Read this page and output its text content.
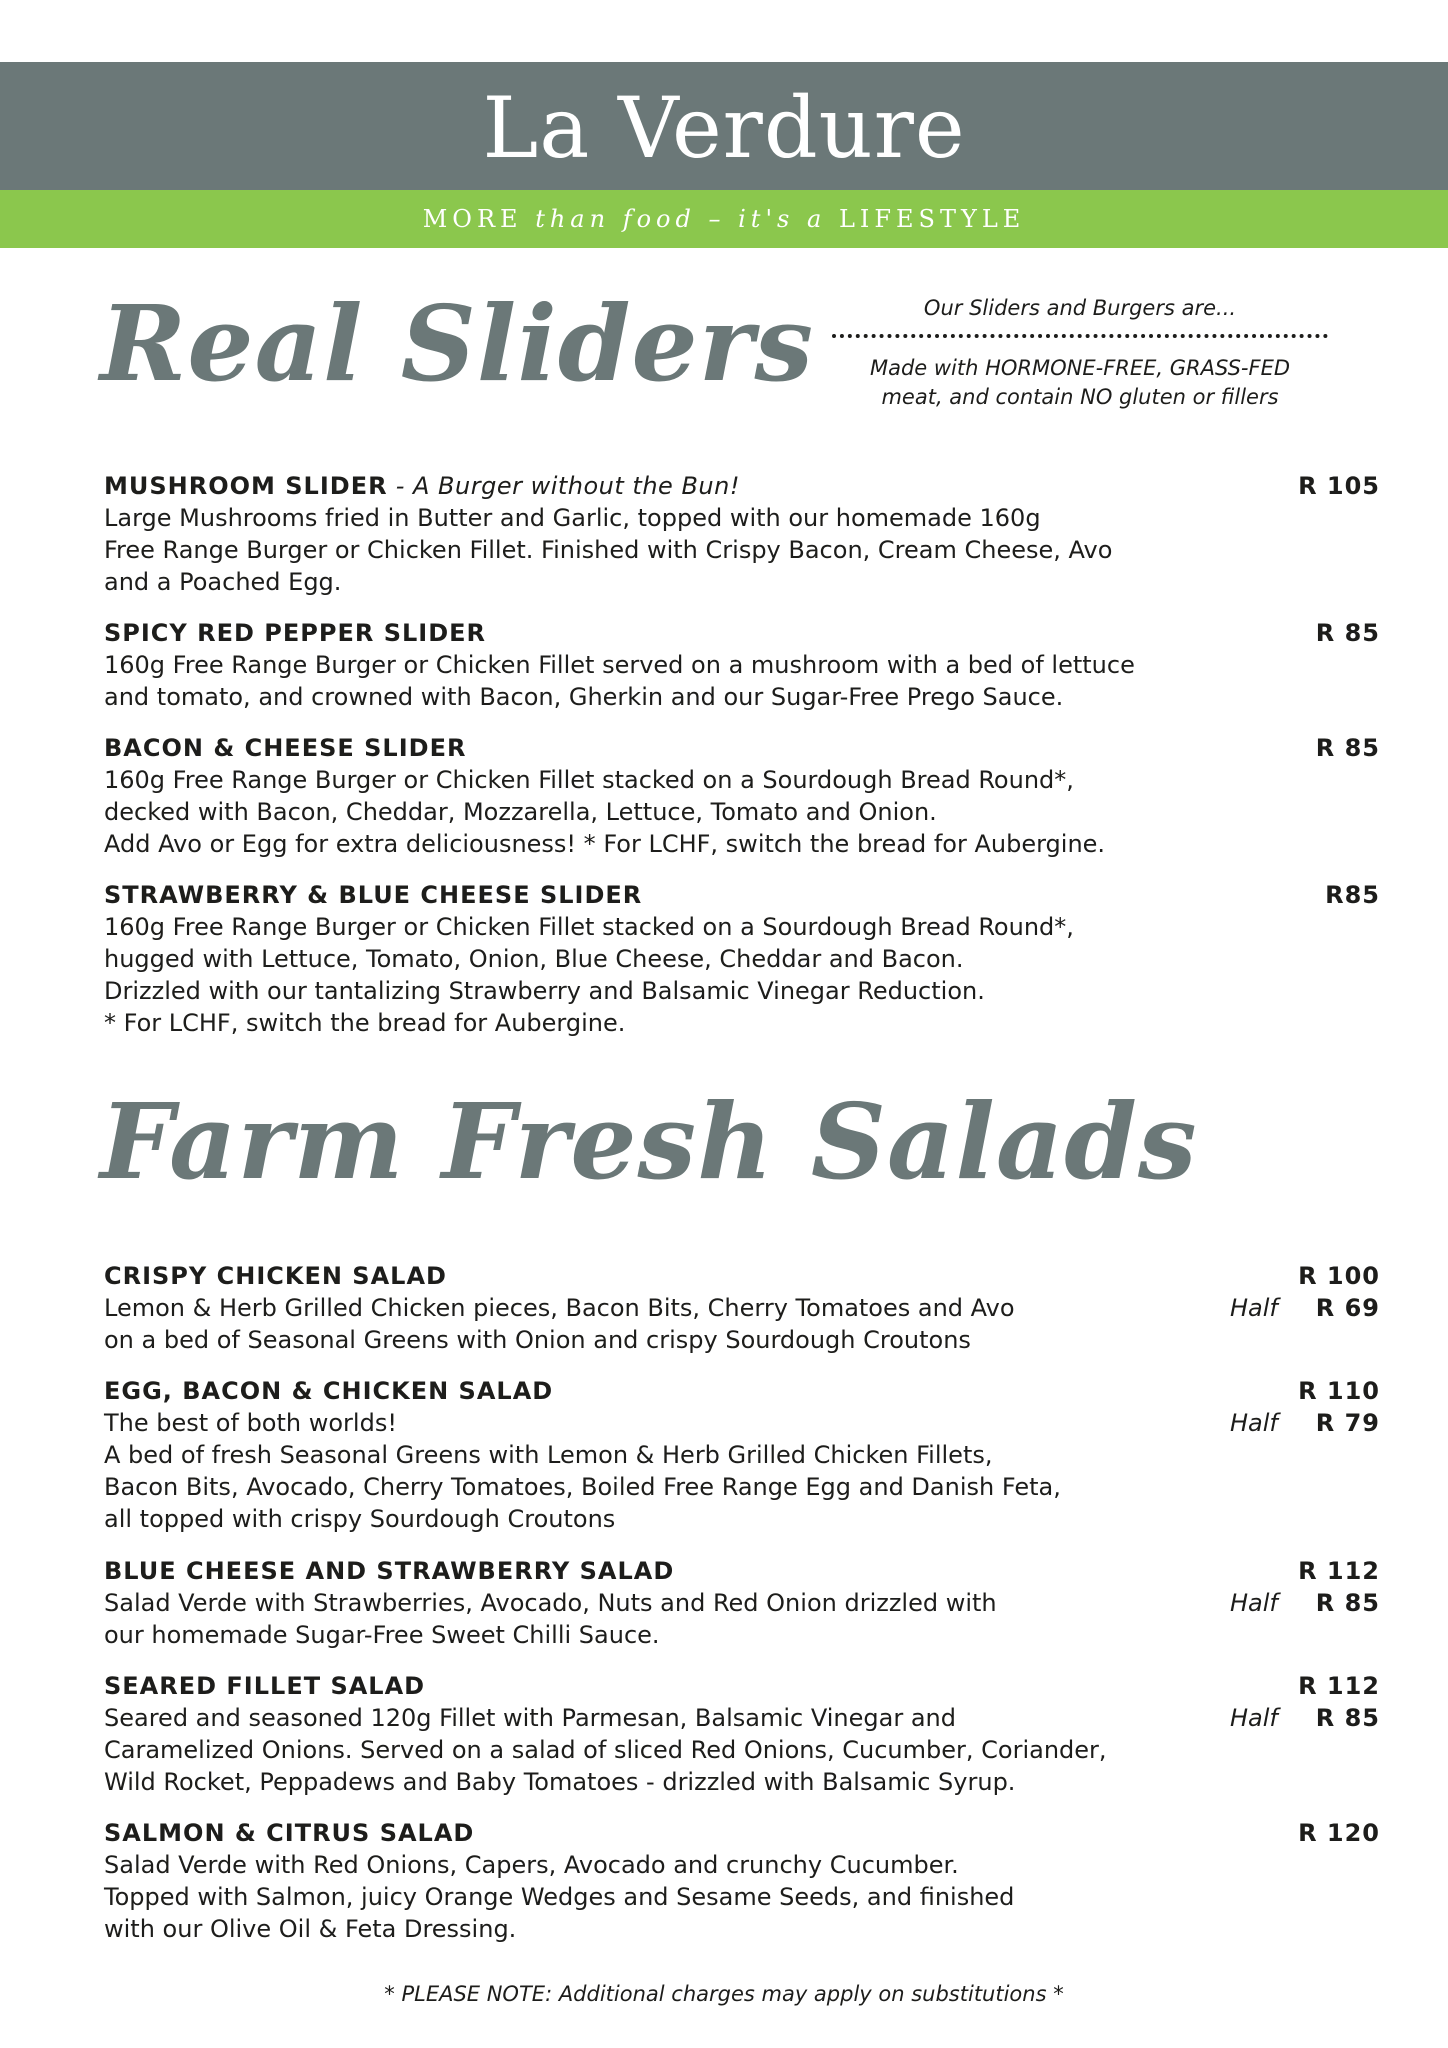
La Verdure
MORE than food – it's a LIFESTYLE
Real Sliders	Our Sliders and Burgers are...
Made with HORMONE-FREE, GRASS-FED
meat, and contain NO gluten or fillers
MUSHROOM SLIDER - A Burger without the Bun!	R 105
Large Mushrooms fried in Butter and Garlic, topped with our homemade 160g
Free Range Burger or Chicken Fillet. Finished with Crispy Bacon, Cream Cheese, Avo
and a Poached Egg.
SPICY RED PEPPER SLIDER	R 85
160g Free Range Burger or Chicken Fillet served on a mushroom with a bed of lettuce
and tomato, and crowned with Bacon, Gherkin and our Sugar-Free Prego Sauce.
BACON & CHEESE SLIDER	R 85
160g Free Range Burger or Chicken Fillet stacked on a Sourdough Bread Round*,
decked with Bacon, Cheddar, Mozzarella, Lettuce, Tomato and Onion.
Add Avo or Egg for extra deliciousness! * For LCHF, switch the bread for Aubergine.
STRAWBERRY & BLUE CHEESE SLIDER	R85
160g Free Range Burger or Chicken Fillet stacked on a Sourdough Bread Round*,
hugged with Lettuce, Tomato, Onion, Blue Cheese, Cheddar and Bacon.
Drizzled with our tantalizing Strawberry and Balsamic Vinegar Reduction.
* For LCHF, switch the bread for Aubergine.
Farm Fresh Salads
CRISPY CHICKEN SALAD	R 100
Half R 69
Lemon & Herb Grilled Chicken pieces, Bacon Bits, Cherry Tomatoes and Avo
on a bed of Seasonal Greens with Onion and crispy Sourdough Croutons
EGG, BACON & CHICKEN SALAD	R 110
Half R 79
The best of both worlds!
A bed of fresh Seasonal Greens with Lemon & Herb Grilled Chicken Fillets,
Bacon Bits, Avocado, Cherry Tomatoes, Boiled Free Range Egg and Danish Feta,
all topped with crispy Sourdough Croutons
BLUE CHEESE AND STRAWBERRY SALAD	R 112
Half R 85
Salad Verde with Strawberries, Avocado, Nuts and Red Onion drizzled with
our homemade Sugar-Free Sweet Chilli Sauce.
SEARED FILLET SALAD	R 112
Half R 85
Seared and seasoned 120g Fillet with Parmesan, Balsamic Vinegar and
Caramelized Onions. Served on a salad of sliced Red Onions, Cucumber, Coriander,
Wild Rocket, Peppadews and Baby Tomatoes - drizzled with Balsamic Syrup.
SALMON & CITRUS SALAD	R 120
Salad Verde with Red Onions, Capers, Avocado and crunchy Cucumber.
Topped with Salmon, juicy Orange Wedges and Sesame Seeds, and finished
with our Olive Oil & Feta Dressing.
* PLEASE NOTE: Additional charges may apply on substitutions *
